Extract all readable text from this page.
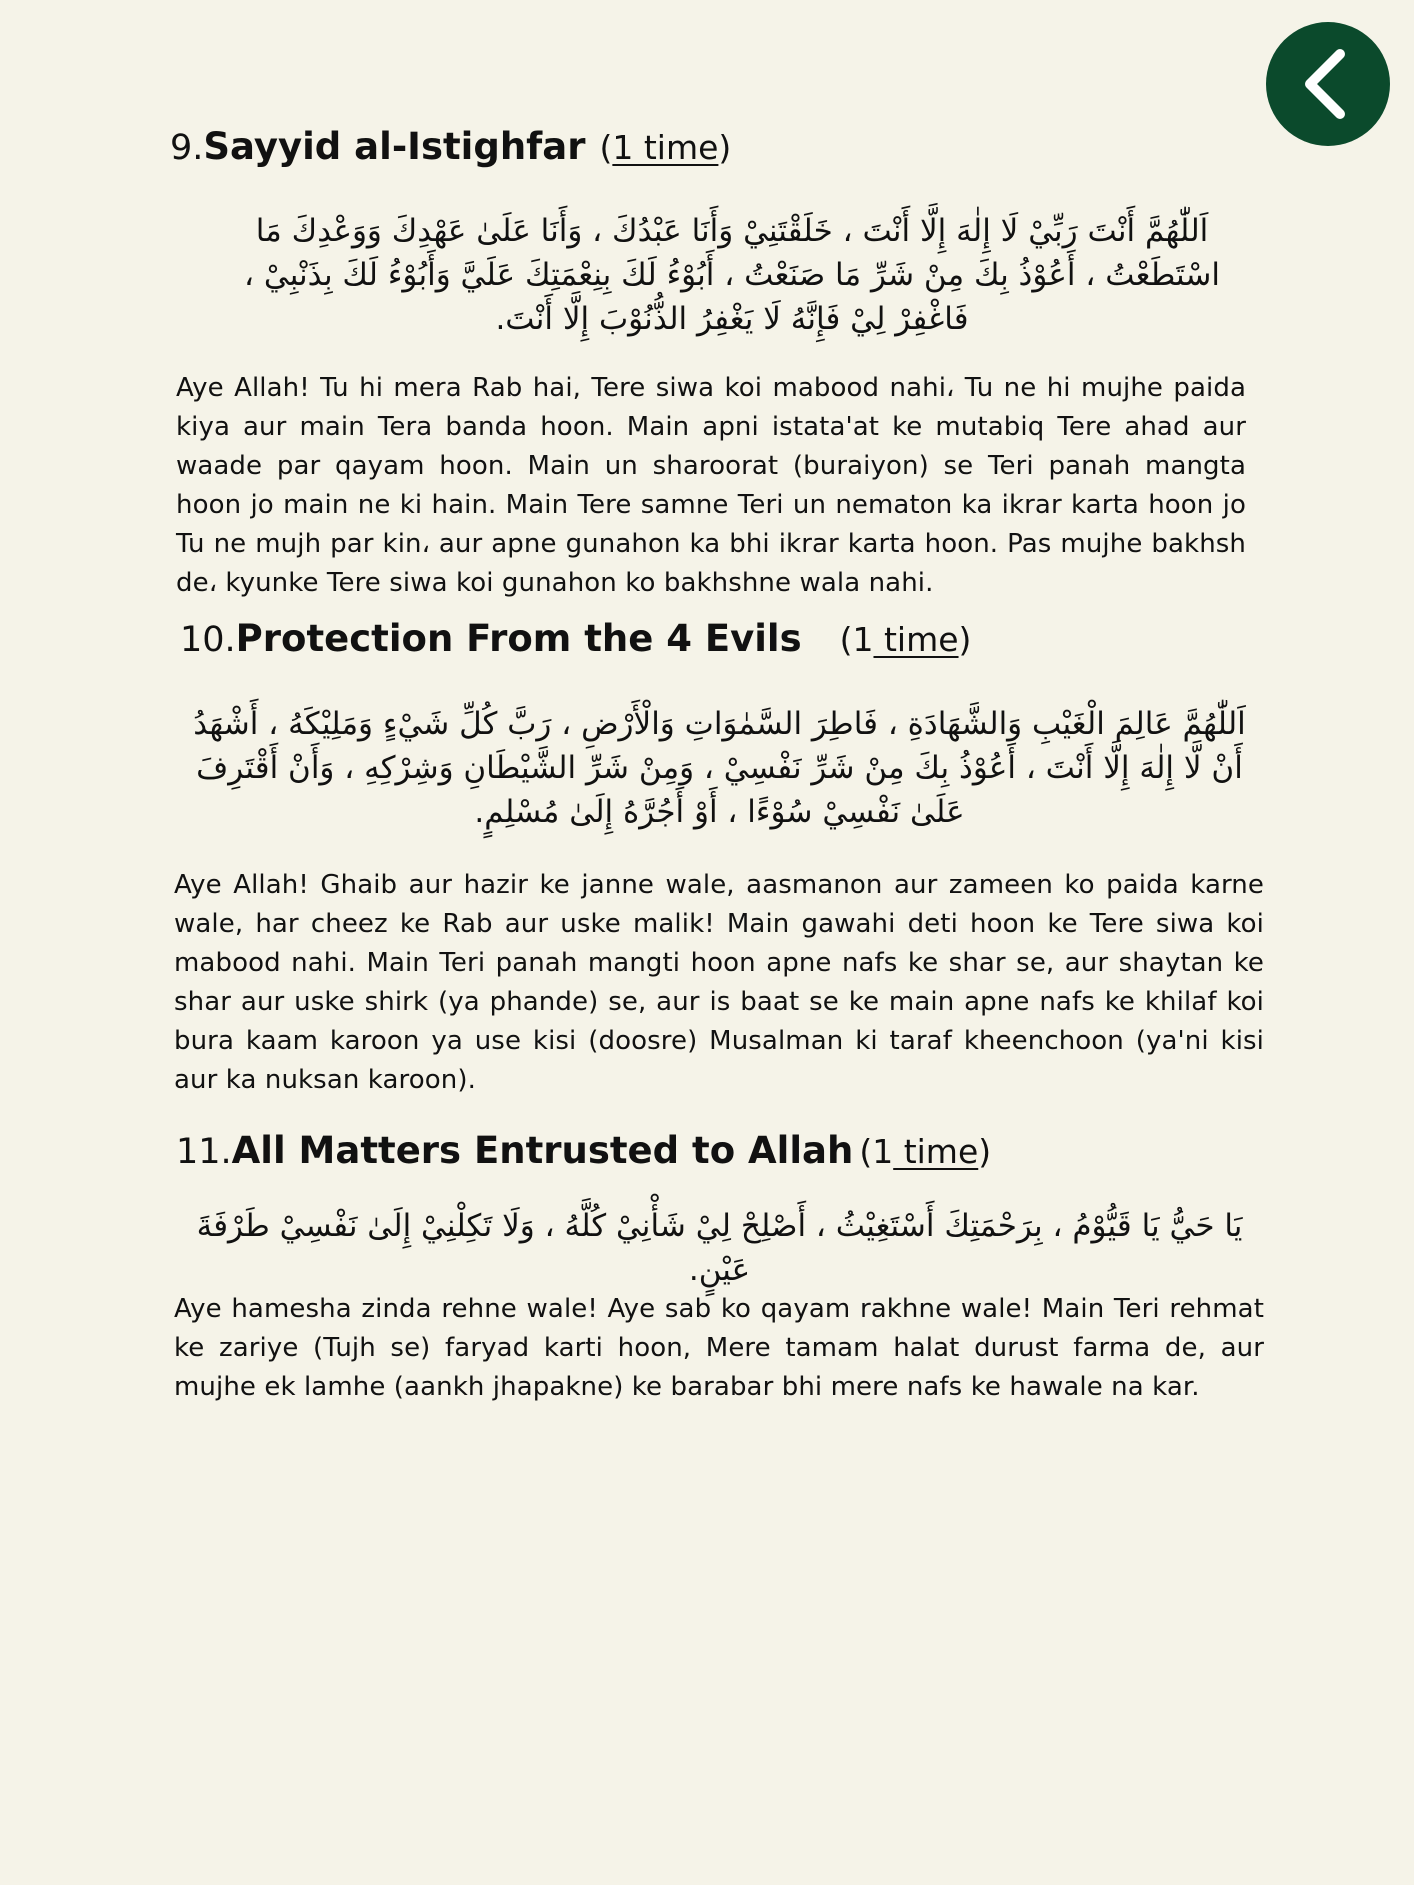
9. Sayyid al-Istighfar (1 time)
اَللّٰهُمَّ أَنْتَ رَبِّيْ لَا إِلٰهَ إِلَّا أَنْتَ ، خَلَقْتَنِيْ وَأَنَا عَبْدُكَ ، وَأَنَا عَلَىٰ عَهْدِكَ وَوَعْدِكَ مَا اسْتَطَعْتُ ، أَعُوْذُ بِكَ مِنْ شَرِّ مَا صَنَعْتُ ، أَبُوْءُ لَكَ بِنِعْمَتِكَ عَلَيَّ وَأَبُوْءُ لَكَ بِذَنْبِيْ ، فَاغْفِرْ لِيْ فَإِنَّهُ لَا يَغْفِرُ الذُّنُوْبَ إِلَّا أَنْتَ.
Aye Allah! Tu hi mera Rab hai, Tere siwa koi mabood nahi، Tu ne hi mujhe paida kiya aur main Tera banda hoon. Main apni istata'at ke mutabiq Tere ahad aur waade par qayam hoon. Main un sharoorat (buraiyon) se Teri panah mangta hoon jo main ne ki hain. Main Tere samne Teri un nematon ka ikrar karta hoon jo Tu ne mujh par kin، aur apne gunahon ka bhi ikrar karta hoon. Pas mujhe bakhsh de، kyunke Tere siwa koi gunahon ko bakhshne wala nahi.
10. Protection From the 4 Evils (1 time)
اَللّٰهُمَّ عَالِمَ الْغَيْبِ وَالشَّهَادَةِ ، فَاطِرَ السَّمٰوَاتِ وَالْأَرْضِ ، رَبَّ كُلِّ شَيْءٍ وَمَلِيْكَهُ ، أَشْهَدُ أَنْ لَّا إِلٰهَ إِلَّا أَنْتَ ، أَعُوْذُ بِكَ مِنْ شَرِّ نَفْسِيْ ، وَمِنْ شَرِّ الشَّيْطَانِ وَشِرْكِهِ ، وَأَنْ أَقْتَرِفَ عَلَىٰ نَفْسِيْ سُوْءًا ، أَوْ أَجُرَّهُ إِلَىٰ مُسْلِمٍ.
Aye Allah! Ghaib aur hazir ke janne wale, aasmanon aur zameen ko paida karne wale, har cheez ke Rab aur uske malik! Main gawahi deti hoon ke Tere siwa koi mabood nahi. Main Teri panah mangti hoon apne nafs ke shar se, aur shaytan ke shar aur uske shirk (ya phande) se, aur is baat se ke main apne nafs ke khilaf koi bura kaam karoon ya use kisi (doosre) Musalman ki taraf kheenchoon (ya'ni kisi aur ka nuksan karoon).
11. All Matters Entrusted to Allah (1 time)
يَا حَيُّ يَا قَيُّوْمُ ، بِرَحْمَتِكَ أَسْتَغِيْثُ ، أَصْلِحْ لِيْ شَأْنِيْ كُلَّهُ ، وَلَا تَكِلْنِيْ إِلَىٰ نَفْسِيْ طَرْفَةَ عَيْنٍ.
Aye hamesha zinda rehne wale! Aye sab ko qayam rakhne wale! Main Teri rehmat ke zariye (Tujh se) faryad karti hoon, Mere tamam halat durust farma de, aur mujhe ek lamhe (aankh jhapakne) ke barabar bhi mere nafs ke hawale na kar.
